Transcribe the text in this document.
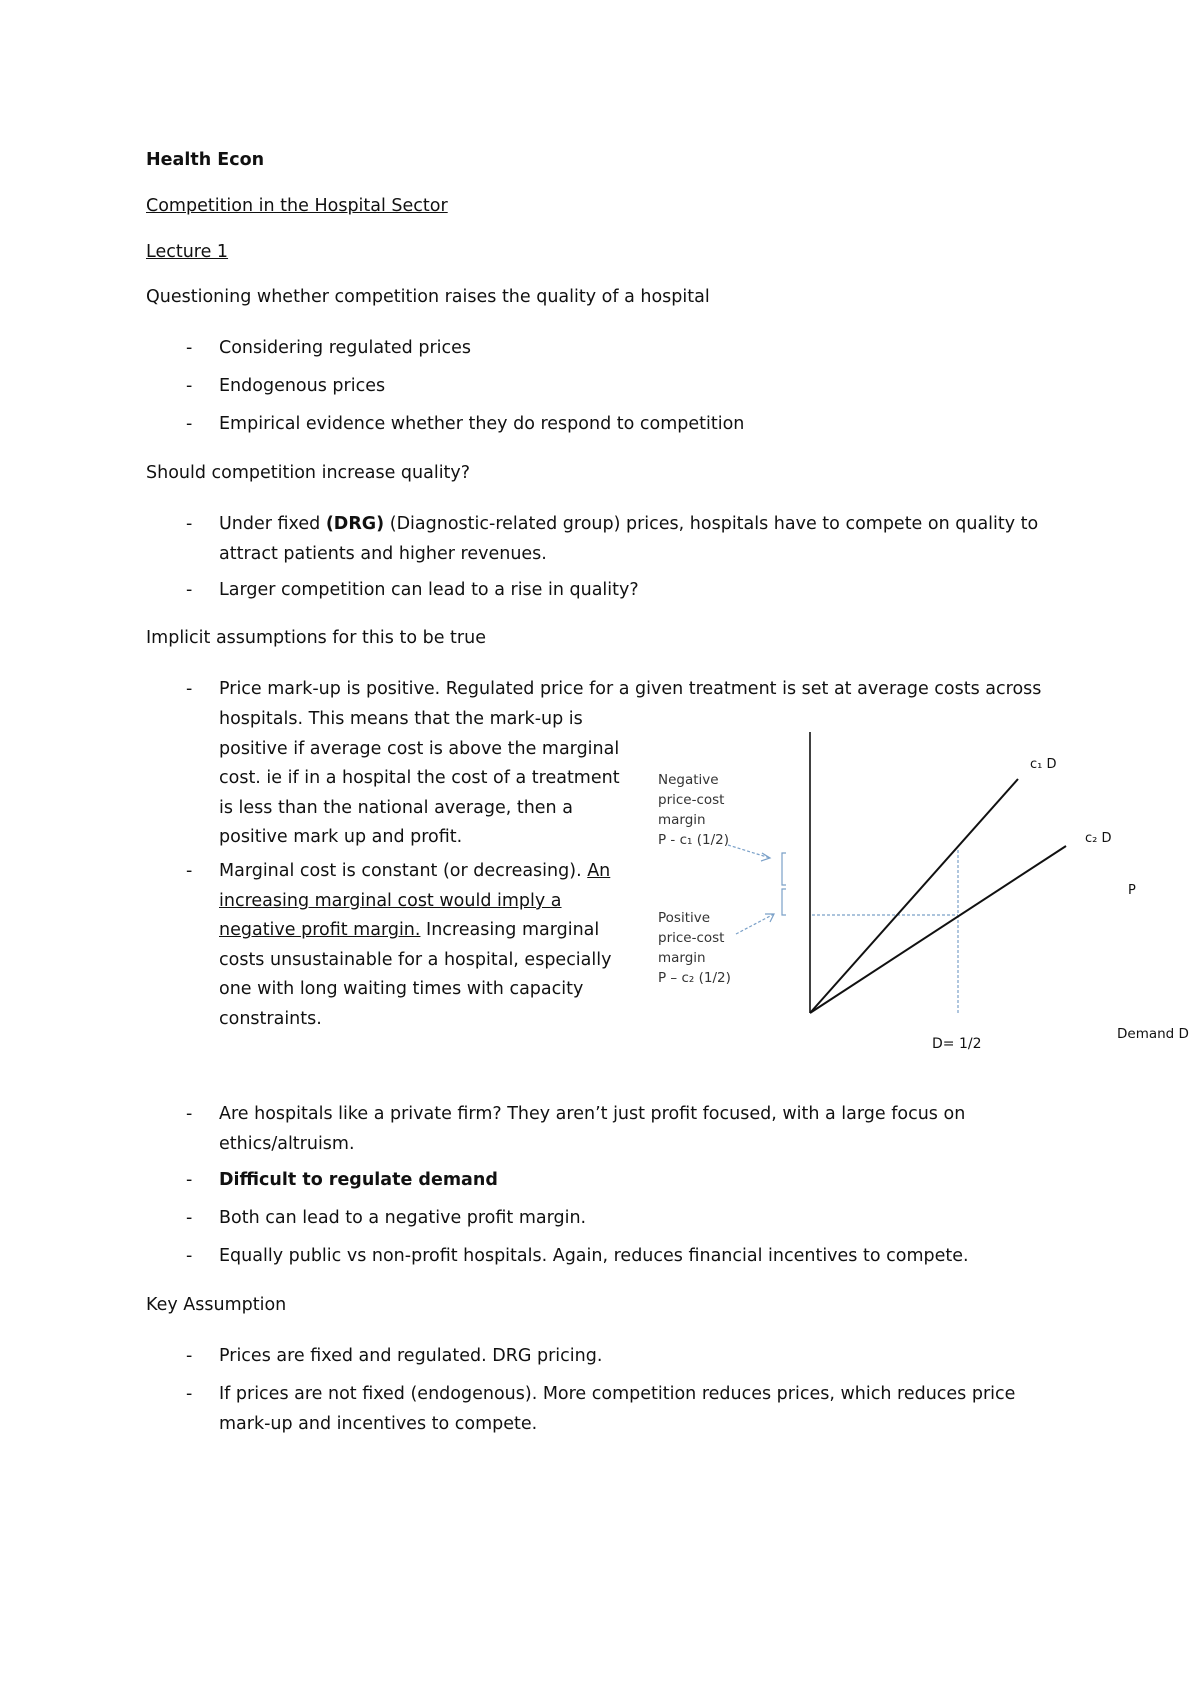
Health Econ

Competition in the Hospital Sector

Lecture 1

Questioning whether competition raises the quality of a hospital

- Considering regulated prices
- Endogenous prices
- Empirical evidence whether they do respond to competition

Should competition increase quality?

- Under fixed (DRG) (Diagnostic-related group) prices, hospitals have to compete on quality to
attract patients and higher revenues.
- Larger competition can lead to a rise in quality?

Implicit assumptions for this to be true

- Price mark-up is positive. Regulated price for a given treatment is set at average costs across
hospitals. This means that the mark-up is
positive if average cost is above the marginal
cost. ie if in a hospital the cost of a treatment
is less than the national average, then a
positive mark up and profit.
- Marginal cost is constant (or decreasing). An
increasing marginal cost would imply a
negative profit margin. Increasing marginal
costs unsustainable for a hospital, especially
one with long waiting times with capacity
constraints.
Negative
price-cost
margin
P - c₁ (1/2)
Positive
price-cost
margin
P – c₂ (1/2)
c₁ D
c₂ D
P
D= 1/2
Demand D
- Are hospitals like a private firm? They aren’t just profit focused, with a large focus on
ethics/altruism.
- Difficult to regulate demand
- Both can lead to a negative profit margin.
- Equally public vs non-profit hospitals. Again, reduces financial incentives to compete.

Key Assumption

- Prices are fixed and regulated. DRG pricing.
- If prices are not fixed (endogenous). More competition reduces prices, which reduces price
mark-up and incentives to compete.
